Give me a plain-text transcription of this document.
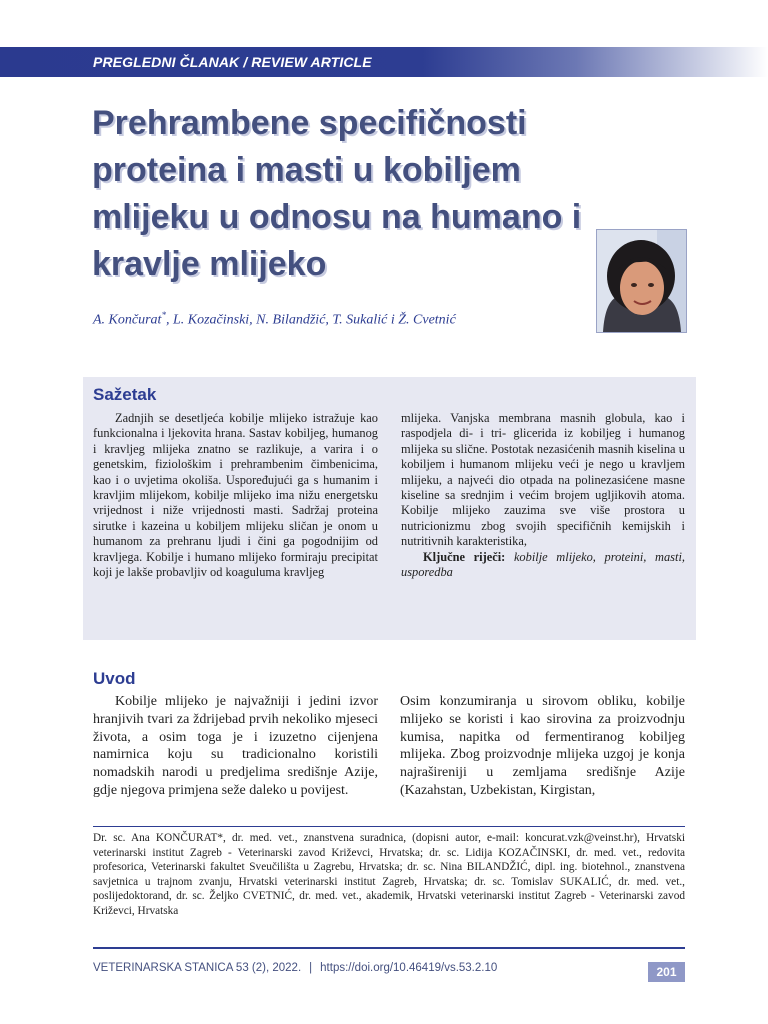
PREGLEDNI ČLANAK / REVIEW ARTICLE
Prehrambene specifičnosti proteina i masti u kobiljem mlijeku u odnosu na humano i kravlje mlijeko
A. Končurat*, L. Kozačinski, N. Bilandžić, T. Sukalić i Ž. Cvetnić
Sažetak

Zadnjih se desetljeća kobilje mlijeko istražuje kao funkcionalna i ljekovita hrana. Sastav kobiljeg, humanog i kravljeg mlijeka znatno se razlikuje, a varira i o genetskim, fiziološkim i prehrambenim čimbenicima, kao i o uvjetima okoliša. Uspoređujući ga s humanim i kravljim mlijekom, kobilje mlijeko ima nižu energetsku vrijednost i niže vrijednosti masti. Sadržaj proteina sirutke i kazeina u kobiljem mlijeku sličan je onom u humanom za prehranu ljudi i čini ga pogodnijim od kravljega. Kobilje i humano mlijeko formiraju precipitat koji je lakše probavljiv od koaguluma kravljeg

mlijeka. Vanjska membrana masnih globula, kao i raspodjela di- i tri- glicerida iz kobiljeg i humanog mlijeka su slične. Postotak nezasićenih masnih kiselina u kobiljem i humanom mlijeku veći je nego u kravljem mlijeku, a najveći dio otpada na polinezasićene masne kiseline sa srednjim i većim brojem ugljikovih atoma. Kobilje mlijeko zauzima sve više prostora u nutricionizmu zbog svojih specifičnih kemijskih i nutritivnih karakteristika,

Ključne riječi: kobilje mlijeko, proteini, masti, usporedba

Uvod

Kobilje mlijeko je najvažniji i jedini izvor hranjivih tvari za ždrijebad prvih nekoliko mjeseci života, a osim toga je i izuzetno cijenjena namirnica koju su tradicionalno koristili nomadskih narodi u predjelima središnje Azije, gdje njegova primjena seže daleko u povijest.

Osim konzumiranja u sirovom obliku, kobilje mlijeko se koristi i kao sirovina za proizvodnju kumisa, napitka od fermentiranog kobiljeg mlijeka. Zbog proizvodnje mlijeka uzgoj je konja najrašireniji u zemljama središnje Azije (Kazahstan, Uzbekistan, Kirgistan,

Dr. sc. Ana KONČURAT*, dr. med. vet., znanstvena suradnica, (dopisni autor, e-mail: koncurat.vzk@veinst.hr), Hrvatski veterinarski institut Zagreb - Veterinarski zavod Križevci, Hrvatska; dr. sc. Lidija KOZAČINSKI, dr. med. vet., redovita profesorica, Veterinarski fakultet Sveučilišta u Zagrebu, Hrvatska; dr. sc. Nina BILANDŽIĆ, dipl. ing. biotehnol., znanstvena savjetnica u trajnom zvanju, Hrvatski veterinarski institut Zagreb, Hrvatska; dr. sc. Tomislav SUKALIĆ, dr. med. vet., poslijedoktorand, dr. sc. Željko CVETNIĆ, dr. med. vet., akademik, Hrvatski veterinarski institut Zagreb - Veterinarski zavod Križevci, Hrvatska
VETERINARSKA STANICA 53 (2), 2022. | https://doi.org/10.46419/vs.53.2.10	201
